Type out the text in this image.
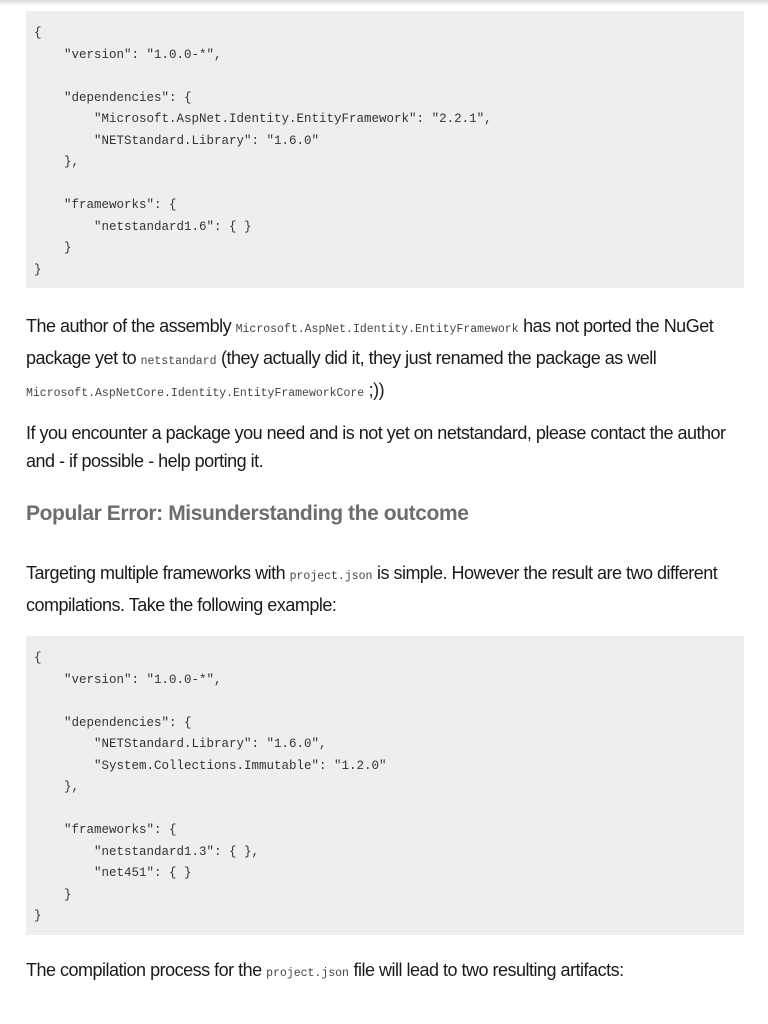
{
"version": "1.0.0-*",
"dependencies": {
"Microsoft.AspNet.Identity.EntityFramework": "2.2.1",
"NETStandard.Library": "1.6.0"
},
"frameworks": {
"netstandard1.6": { }
}
}

The author of the assembly Microsoft.AspNet.Identity.EntityFramework has not ported the NuGet package yet to netstandard (they actually did it, they just renamed the package as well Microsoft.AspNetCore.Identity.EntityFrameworkCore ;))

If you encounter a package you need and is not yet on netstandard, please contact the author and - if possible - help porting it.

Popular Error: Misunderstanding the outcome

Targeting multiple frameworks with project.json is simple. However the result are two different compilations. Take the following example:

{
"version": "1.0.0-*",
"dependencies": {
"NETStandard.Library": "1.6.0",
"System.Collections.Immutable": "1.2.0"
},
"frameworks": {
"netstandard1.3": { },
"net451": { }
}
}

The compilation process for the project.json file will lead to two resulting artifacts:
